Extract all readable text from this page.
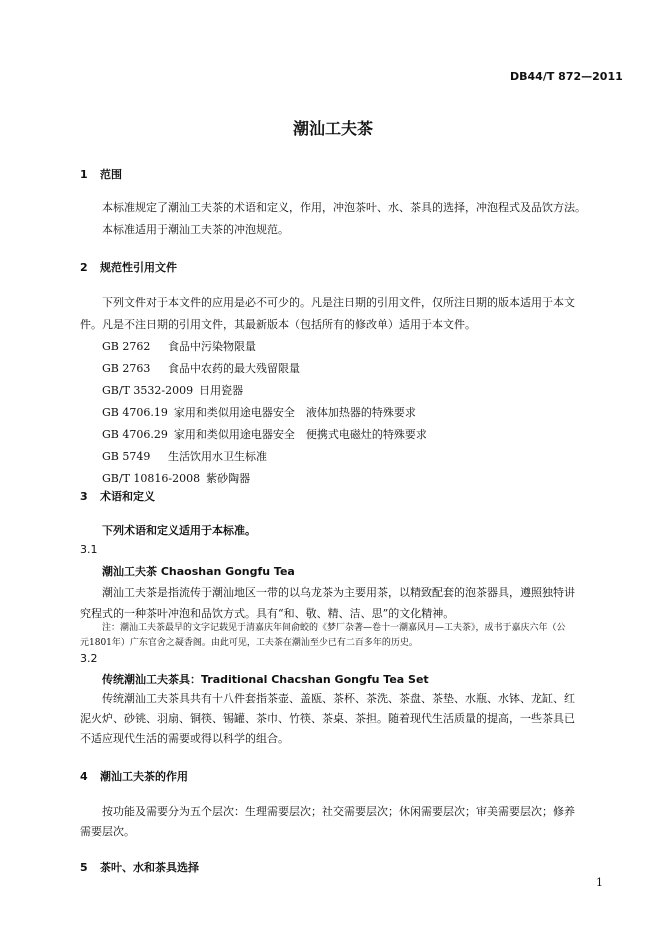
DB44/T 872—2011
潮汕工夫茶
1 范围
本标准规定了潮汕工夫茶的术语和定义，作用，冲泡茶叶、水、茶具的选择，冲泡程式及品饮方法。
本标准适用于潮汕工夫茶的冲泡规范。
2 规范性引用文件
下列文件对于本文件的应用是必不可少的。凡是注日期的引用文件，仅所注日期的版本适用于本文
件。凡是不注日期的引用文件，其最新版本（包括所有的修改单）适用于本文件。
GB 2762 食品中污染物限量
GB 2763 食品中农药的最大残留限量
GB/T 3532-2009 日用瓷器
GB 4706.19 家用和类似用途电器安全　液体加热器的特殊要求
GB 4706.29 家用和类似用途电器安全　便携式电磁灶的特殊要求
GB 5749 生活饮用水卫生标准
GB/T 10816-2008 紫砂陶器
3 术语和定义
下列术语和定义适用于本标准。
3.1
潮汕工夫茶 Chaoshan Gongfu Tea
潮汕工夫茶是指流传于潮汕地区一带的以乌龙茶为主要用茶，以精致配套的泡茶器具，遵照独特讲
究程式的一种茶叶冲泡和品饮方式。具有“和、敬、精、洁、思”的文化精神。
注：潮汕工夫茶最早的文字记载见于清嘉庆年间俞蛟的《梦厂杂著—卷十一潮嘉风月—工夫茶》，成书于嘉庆六年（公
元1801年）广东官舍之凝香阁。由此可见，工夫茶在潮汕至少已有二百多年的历史。
3.2
传统潮汕工夫茶具：Traditional Chacshan Gongfu Tea Set
传统潮汕工夫茶具共有十八件套指茶壶、盖瓯、茶杯、茶洗、茶盘、茶垫、水瓶、水钵、龙缸、红
泥火炉、砂铫、羽扇、铜筷、锡罐、茶巾、竹筷、茶桌、茶担。随着现代生活质量的提高，一些茶具已
不适应现代生活的需要或得以科学的组合。
4 潮汕工夫茶的作用
按功能及需要分为五个层次：生理需要层次；社交需要层次；休闲需要层次；审美需要层次；修养
需要层次。
5 茶叶、水和茶具选择
1
